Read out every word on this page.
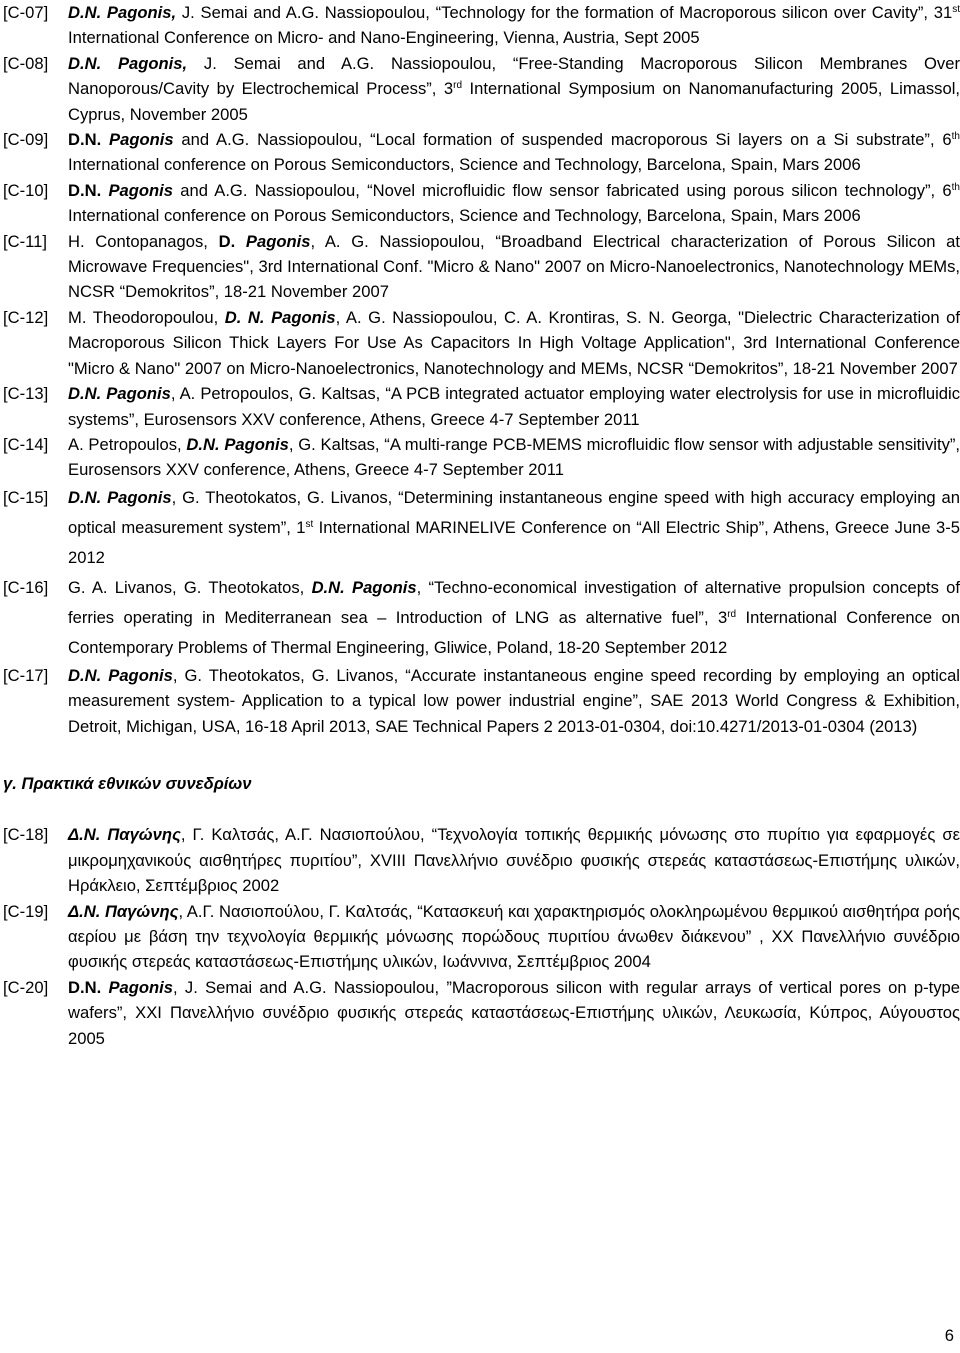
[C-07]	D.N. Pagonis, J. Semai and A.G. Nassiopoulou, “Technology for the formation of Macroporous silicon over Cavity”, 31st International Conference on Micro- and Nano-Engineering, Vienna, Austria, Sept 2005
[C-08]	D.N. Pagonis, J. Semai and A.G. Nassiopoulou, “Free-Standing Macroporous Silicon Membranes Over Nanoporous/Cavity by Electrochemical Process”, 3rd International Symposium on Nanomanufacturing 2005, Limassol, Cyprus, November 2005
[C-09]	D.N. Pagonis and A.G. Nassiopoulou, “Local formation of suspended macroporous Si layers on a Si substrate”, 6th International conference on Porous Semiconductors, Science and Technology, Barcelona, Spain, Mars 2006
[C-10]	D.N. Pagonis and A.G. Nassiopoulou, “Novel microfluidic flow sensor fabricated using porous silicon technology”, 6th International conference on Porous Semiconductors, Science and Technology, Barcelona, Spain, Mars 2006
[C-11]	H. Contopanagos, D. Pagonis, A. G. Nassiopoulou, “Broadband Electrical characterization of Porous Silicon at Microwave Frequencies", 3rd International Conf. "Micro & Nano" 2007 on Micro-Nanoelectronics, Nanotechnology MEMs, NCSR “Demokritos”, 18-21 November 2007
[C-12]	M. Theodoropoulou, D. N. Pagonis, A. G. Nassiopoulou, C. A. Krontiras, S. N. Georga, "Dielectric Characterization of Macroporous Silicon Thick Layers For Use As Capacitors In High Voltage Application", 3rd International Conference "Micro & Nano" 2007 on Micro-Nanoelectronics, Nanotechnology and MEMs, NCSR “Demokritos”, 18-21 November 2007
[C-13]	D.N. Pagonis, A. Petropoulos, G. Kaltsas, “A PCB integrated actuator employing water electrolysis for use in microfluidic systems”, Eurosensors XXV conference, Athens, Greece 4-7 September 2011
[C-14]	A. Petropoulos, D.N. Pagonis, G. Kaltsas, “A multi-range PCB-MEMS microfluidic flow sensor with adjustable sensitivity”, Eurosensors XXV conference, Athens, Greece 4-7 September 2011
[C-15]	D.N. Pagonis, G. Theotokatos, G. Livanos, “Determining instantaneous engine speed with high accuracy employing an optical measurement system”, 1st International MARINELIVE Conference on “All Electric Ship”, Athens, Greece June 3-5 2012
[C-16]	G. A. Livanos, G. Theotokatos, D.N. Pagonis, “Techno-economical investigation of alternative propulsion concepts of ferries operating in Mediterranean sea – Introduction of LNG as alternative fuel”, 3rd International Conference on Contemporary Problems of Thermal Engineering, Gliwice, Poland, 18-20 September 2012
[C-17]	D.N. Pagonis, G. Theotokatos, G. Livanos, “Accurate instantaneous engine speed recording by employing an optical measurement system- Application to a typical low power industrial engine”, SAE 2013 World Congress & Exhibition, Detroit, Michigan, USA, 16-18 April 2013, SAE Technical Papers 2 2013-01-0304, doi:10.4271/2013-01-0304 (2013)
γ. Πρακτικά εθνικών συνεδρίων
[C-18]	Δ.Ν. Παγώνης, Γ. Καλτσάς, Α.Γ. Νασιοπούλου, “Τεχνολογία τοπικής θερμικής μόνωσης στο πυρίτιο για εφαρμογές σε μικρομηχανικούς αισθητήρες πυριτίου”, XVIII Πανελλήνιο συνέδριο φυσικής στερεάς καταστάσεως-Επιστήμης υλικών, Ηράκλειο, Σεπτέμβριος 2002
[C-19]	Δ.Ν. Παγώνης, Α.Γ. Νασιοπούλου, Γ. Καλτσάς, “Κατασκευή και χαρακτηρισμός ολοκληρωμένου θερμικού αισθητήρα ροής αερίου με βάση την τεχνολογία θερμικής μόνωσης πορώδους πυριτίου άνωθεν διάκενου” , XX Πανελλήνιο συνέδριο φυσικής στερεάς καταστάσεως-Επιστήμης υλικών, Ιωάννινα, Σεπτέμβριος 2004
[C-20]	D.N. Pagonis, J. Semai and A.G. Nassiopoulou, ”Macroporous silicon with regular arrays of vertical pores on p-type wafers”, XXI Πανελλήνιο συνέδριο φυσικής στερεάς καταστάσεως-Επιστήμης υλικών, Λευκωσία, Κύπρος, Αύγουστος 2005
6
